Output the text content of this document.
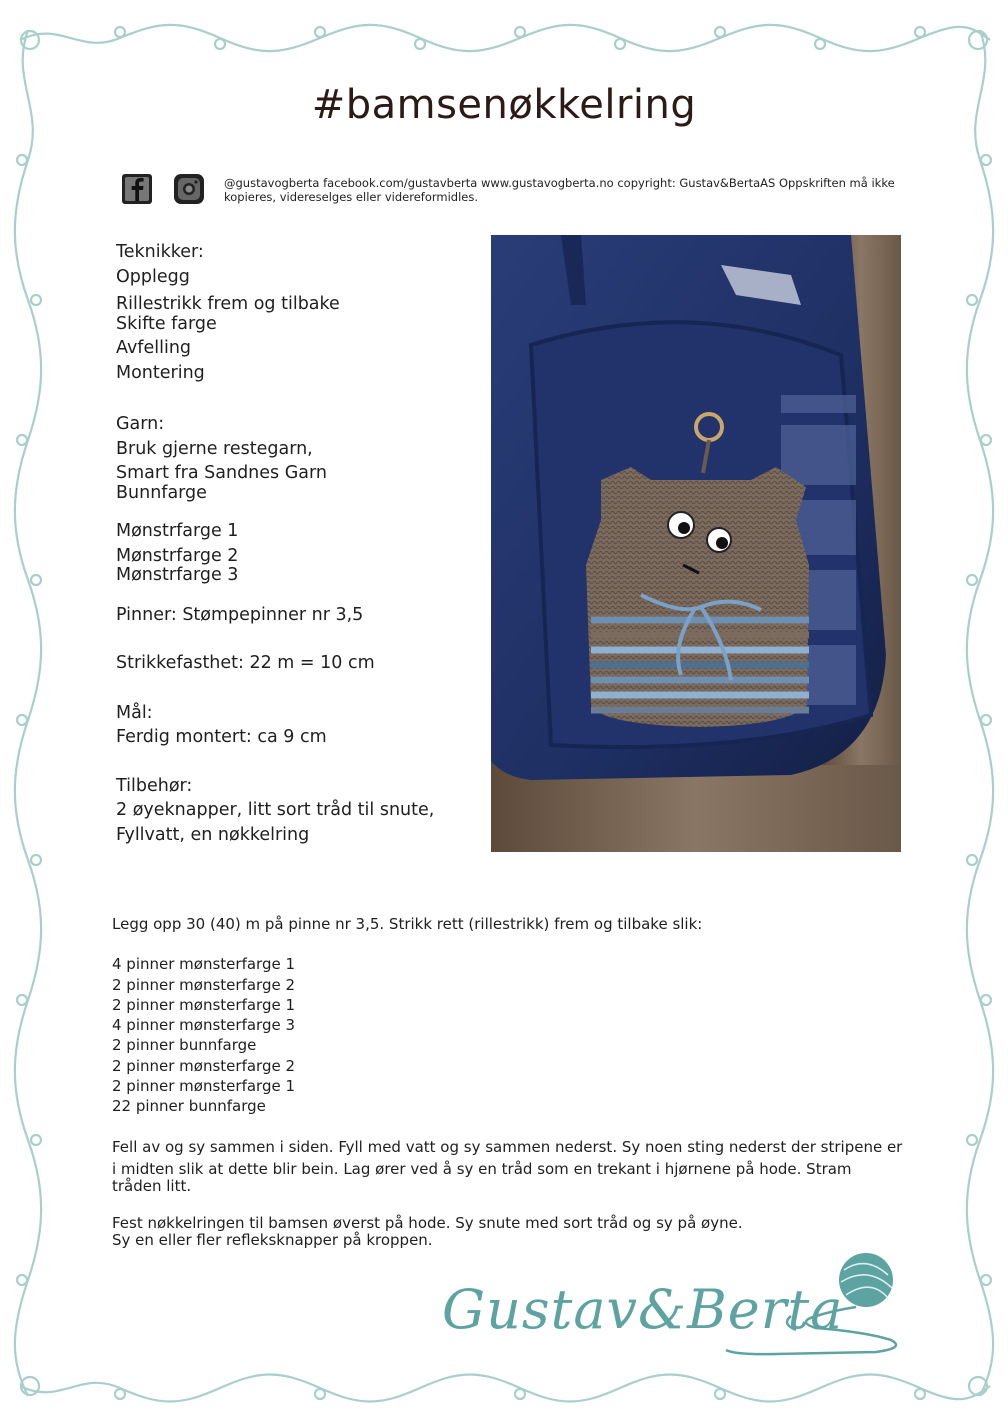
#bamsenøkkelring
@gustavogberta facebook.com/gustavberta www.gustavogberta.no copyright: Gustav&BertaAS Oppskriften må ikke
kopieres, videreselges eller videreformidles.
Teknikker:
Opplegg
Rillestrikk frem og tilbake
Skifte farge
Avfelling
Montering
Garn:
Bruk gjerne restegarn,
Smart fra Sandnes Garn
Bunnfarge
Mønstrfarge 1
Mønstrfarge 2
Mønstrfarge 3
Pinner: Stømpepinner nr 3,5
Strikkefasthet: 22 m = 10 cm
Mål:
Ferdig montert: ca 9 cm
Tilbehør:
2 øyeknapper, litt sort tråd til snute,
Fyllvatt, en nøkkelring

Legg opp 30 (40) m på pinne nr 3,5. Strikk rett (rillestrikk) frem og tilbake slik:

4 pinner mønsterfarge 1
2 pinner mønsterfarge 2
2 pinner mønsterfarge 1
4 pinner mønsterfarge 3
2 pinner bunnfarge
2 pinner mønsterfarge 2
2 pinner mønsterfarge 1
22 pinner bunnfarge

Fell av og sy sammen i siden. Fyll med vatt og sy sammen nederst. Sy noen sting nederst der stripene er
i midten slik at dette blir bein. Lag ører ved å sy en tråd som en trekant i hjørnene på hode. Stram
tråden litt.

Fest nøkkelringen til bamsen øverst på hode. Sy snute med sort tråd og sy på øyne.
Sy en eller fler refleksknapper på kroppen.

Gustav&Berta
